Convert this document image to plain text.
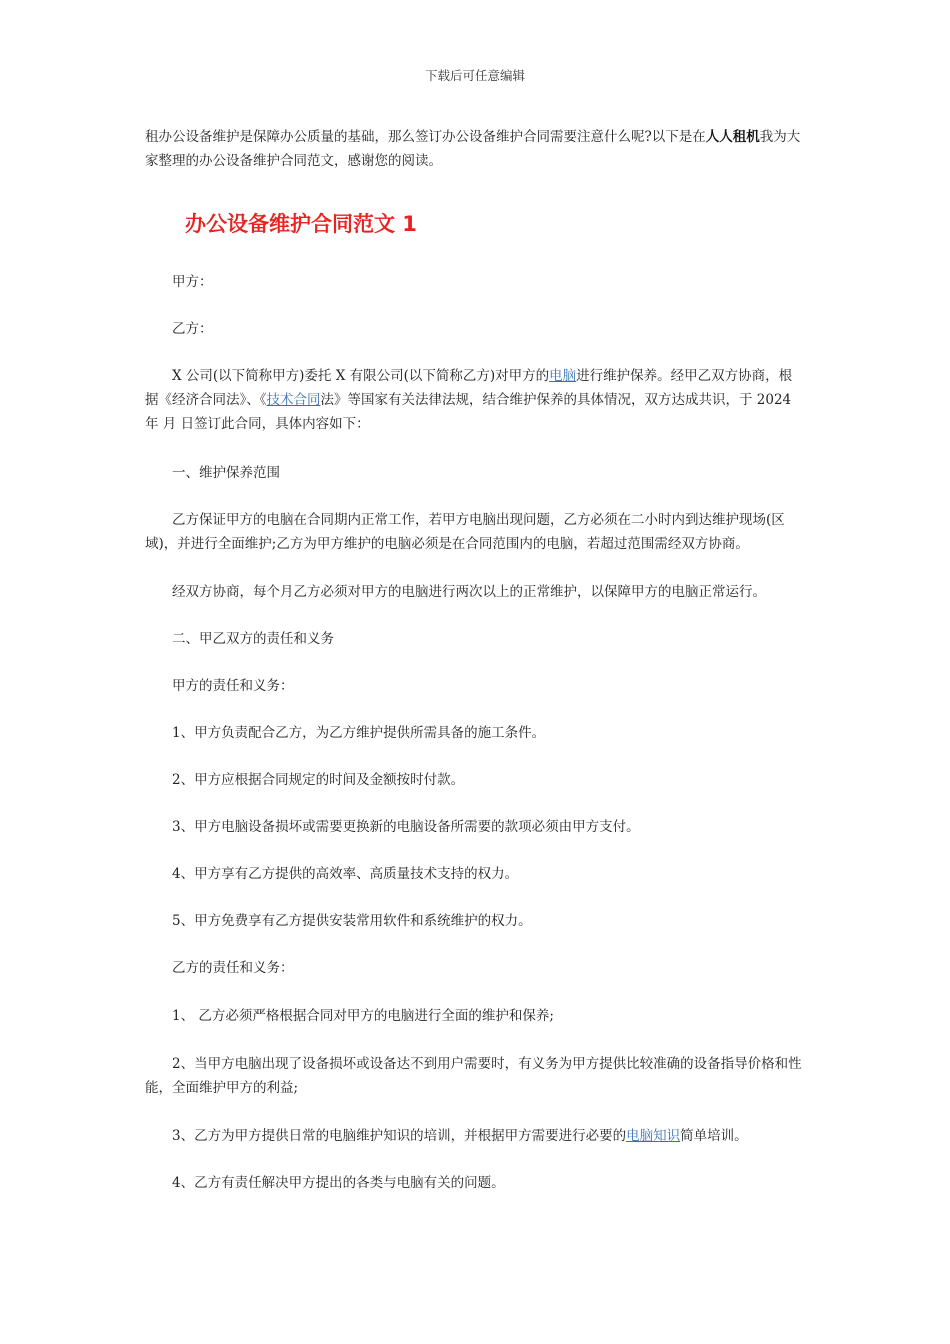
下载后可任意编辑

租办公设备维护是保障办公质量的基础，那么签订办公设备维护合同需要注意什么呢?以下是在人人租机我为大家整理的办公设备维护合同范文，感谢您的阅读。

办公设备维护合同范文 1

甲方：

乙方：

X 公司(以下简称甲方)委托 X 有限公司(以下简称乙方)对甲方的电脑进行维护保养。经甲乙双方协商，根据《经济合同法》、《技术合同法》等国家有关法律法规，结合维护保养的具体情况，双方达成共识，于 2024 年 月 日签订此合同，具体内容如下：

一、维护保养范围

乙方保证甲方的电脑在合同期内正常工作，若甲方电脑出现问题，乙方必须在二小时内到达维护现场(区域)，并进行全面维护;乙方为甲方维护的电脑必须是在合同范围内的电脑，若超过范围需经双方协商。

经双方协商，每个月乙方必须对甲方的电脑进行两次以上的正常维护，以保障甲方的电脑正常运行。

二、甲乙双方的责任和义务

甲方的责任和义务：

1、甲方负责配合乙方，为乙方维护提供所需具备的施工条件。

2、甲方应根据合同规定的时间及金额按时付款。

3、甲方电脑设备损坏或需要更换新的电脑设备所需要的款项必须由甲方支付。

4、甲方享有乙方提供的高效率、高质量技术支持的权力。

5、甲方免费享有乙方提供安装常用软件和系统维护的权力。

乙方的责任和义务：

1、 乙方必须严格根据合同对甲方的电脑进行全面的维护和保养;

2、当甲方电脑出现了设备损坏或设备达不到用户需要时，有义务为甲方提供比较准确的设备指导价格和性能，全面维护甲方的利益;

3、乙方为甲方提供日常的电脑维护知识的培训，并根据甲方需要进行必要的电脑知识简单培训。

4、乙方有责任解决甲方提出的各类与电脑有关的问题。
